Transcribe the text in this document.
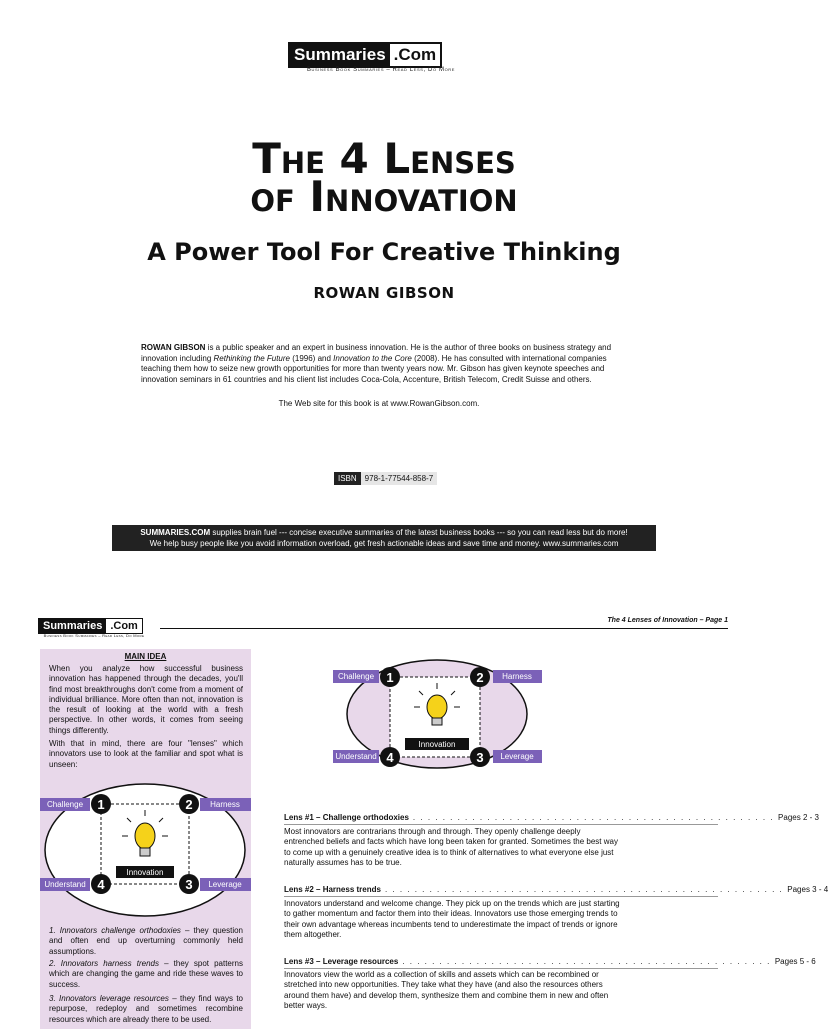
Summaries .Com
Business Book Summaries – Read Less, Do More
The 4 Lenses
of Innovation
A Power Tool For Creative Thinking
ROWAN GIBSON
ROWAN GIBSON is a public speaker and an expert in business innovation. He is the author of three books on business strategy and innovation including Rethinking the Future (1996) and Innovation to the Core (2008). He has consulted with international companies teaching them how to seize new growth opportunities for more than twenty years now. Mr. Gibson has given keynote speeches and innovation seminars in 61 countries and his client list includes Coca-Cola, Accenture, British Telecom, Credit Suisse and others.
The Web site for this book is at www.RowanGibson.com.
ISBN	978-1-77544-858-7
SUMMARIES.COM supplies brain fuel --- concise executive summaries of the latest business books --- so you can read less but do more!
We help busy people like you avoid information overload, get fresh actionable ideas and save time and money. www.summaries.com
Summaries .Com
Business Book Summaries – Read Less, Do More
The 4 Lenses of Innovation – Page 1
MAIN IDEA
When you analyze how successful business innovation has happened through the decades, you'll find most breakthroughs don't come from a moment of individual brilliance. More often than not, innovation is the result of looking at the world with a fresh perspective. In other words, it comes from seeing things differently.
With that in mind, there are four "lenses" which innovators use to look at the familiar and spot what is unseen:
Innovation
Challenge	Harness
Understand	Leverage
1	2
3
4
1. Innovators challenge orthodoxies – they question and often end up overturning commonly held assumptions.
2. Innovators harness trends – they spot patterns which are changing the game and ride these waves to success.
3. Innovators leverage resources – they find ways to repurpose, redeploy and sometimes recombine resources which are already there to be used.
Innovation
Challenge	Harness
Understand	Leverage
1	2
3
4
Lens #1 – Challenge orthodoxies . . . . . . . . . . . . . . . . . . . . . . . . . . . . . . . . . . . . . . . . . . . . . . . . . Pages 2 - 3
Most innovators are contrarians through and through. They openly challenge deeply entrenched beliefs and facts which have long been taken for granted. Sometimes the best way to come up with a genuinely creative idea is to think of alternatives to what everyone else just naturally assumes has to be true.
Lens #2 – Harness trends . . . . . . . . . . . . . . . . . . . . . . . . . . . . . . . . . . . . . . . . . . . . . . . . . . . . . . Pages 3 - 4
Innovators understand and welcome change. They pick up on the trends which are just starting to gather momentum and factor them into their ideas. Innovators use those emerging trends to their own advantage whereas incumbents tend to underestimate the impact of trends or ignore them altogether.
Lens #3 – Leverage resources . . . . . . . . . . . . . . . . . . . . . . . . . . . . . . . . . . . . . . . . . . . . . . . . . . Pages 5 - 6
Innovators view the world as a collection of skills and assets which can be recombined or stretched into new opportunities. They take what they have (and also the resources others around them have) and develop them, synthesize them and combine them in new and often better ways.
